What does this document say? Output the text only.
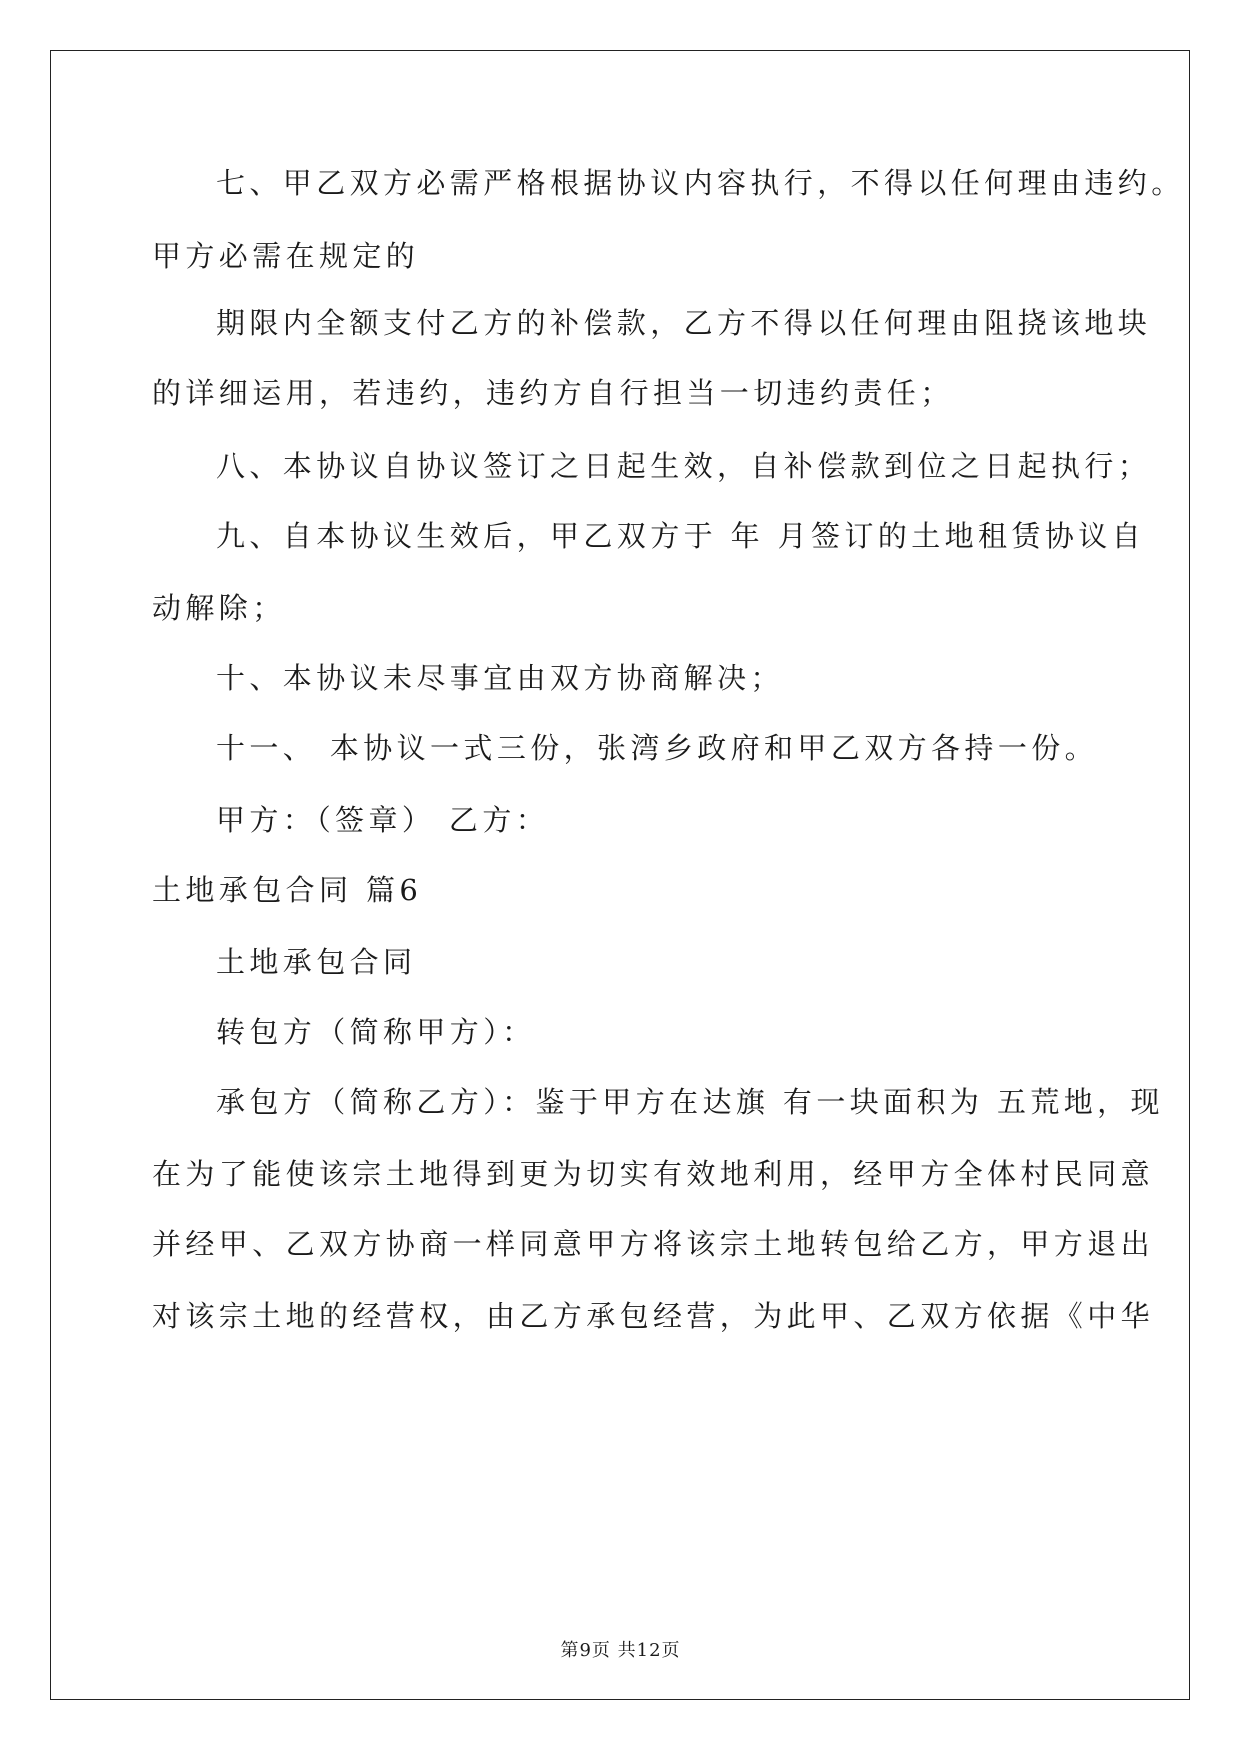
七、甲乙双方必需严格根据协议内容执行，不得以任何理由违约。
甲方必需在规定的
期限内全额支付乙方的补偿款，乙方不得以任何理由阻挠该地块
的详细运用，若违约，违约方自行担当一切违约责任；
八、本协议自协议签订之日起生效，自补偿款到位之日起执行；
九、自本协议生效后，甲乙双方于 年 月签订的土地租赁协议自
动解除；
十、本协议未尽事宜由双方协商解决；
十一、 本协议一式三份，张湾乡政府和甲乙双方各持一份。
甲方：（签章） 乙方：
土地承包合同 篇6
土地承包合同
转包方（简称甲方）：
承包方（简称乙方）：鉴于甲方在达旗 有一块面积为 五荒地，现
在为了能使该宗土地得到更为切实有效地利用，经甲方全体村民同意
并经甲、乙双方协商一样同意甲方将该宗土地转包给乙方，甲方退出
对该宗土地的经营权，由乙方承包经营，为此甲、乙双方依据《中华
第9页 共12页
